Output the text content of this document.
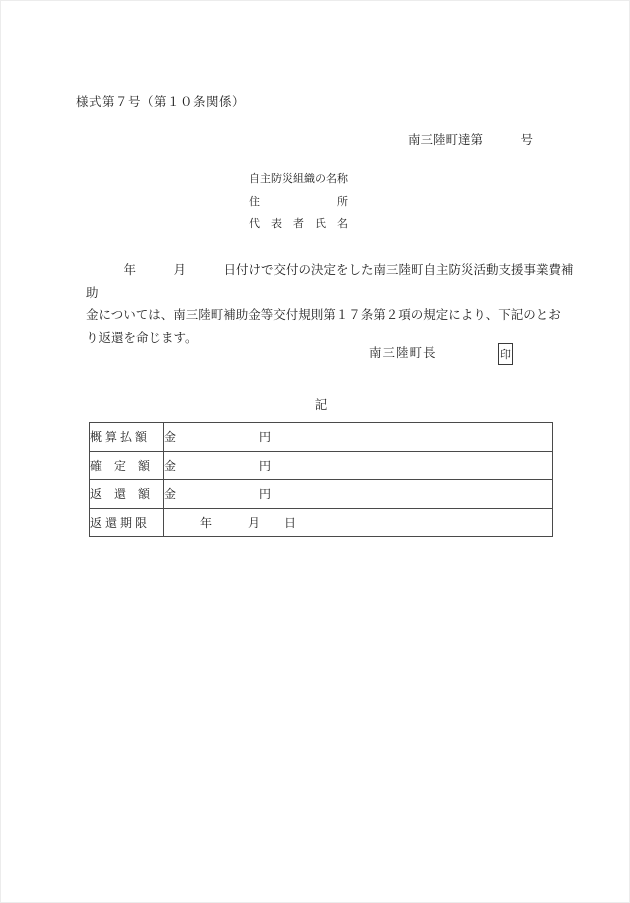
様式第７号（第１０条関係）
南三陸町達第　　　号
自主防災組織の名称
住　　　　　　　所
代　表　者　氏　名
　　　年　　　月　　　日付けで交付の決定をした南三陸町自主防災活動支援事業費補助
金については、南三陸町補助金等交付規則第１７条第２項の規定により、下記のとお
り返還を命じます。
南三陸町長	印
記
概算払額	金 円
確　定　額	金 円
返　還　額	金 円
返還期限	　　　年　　　月　　日
